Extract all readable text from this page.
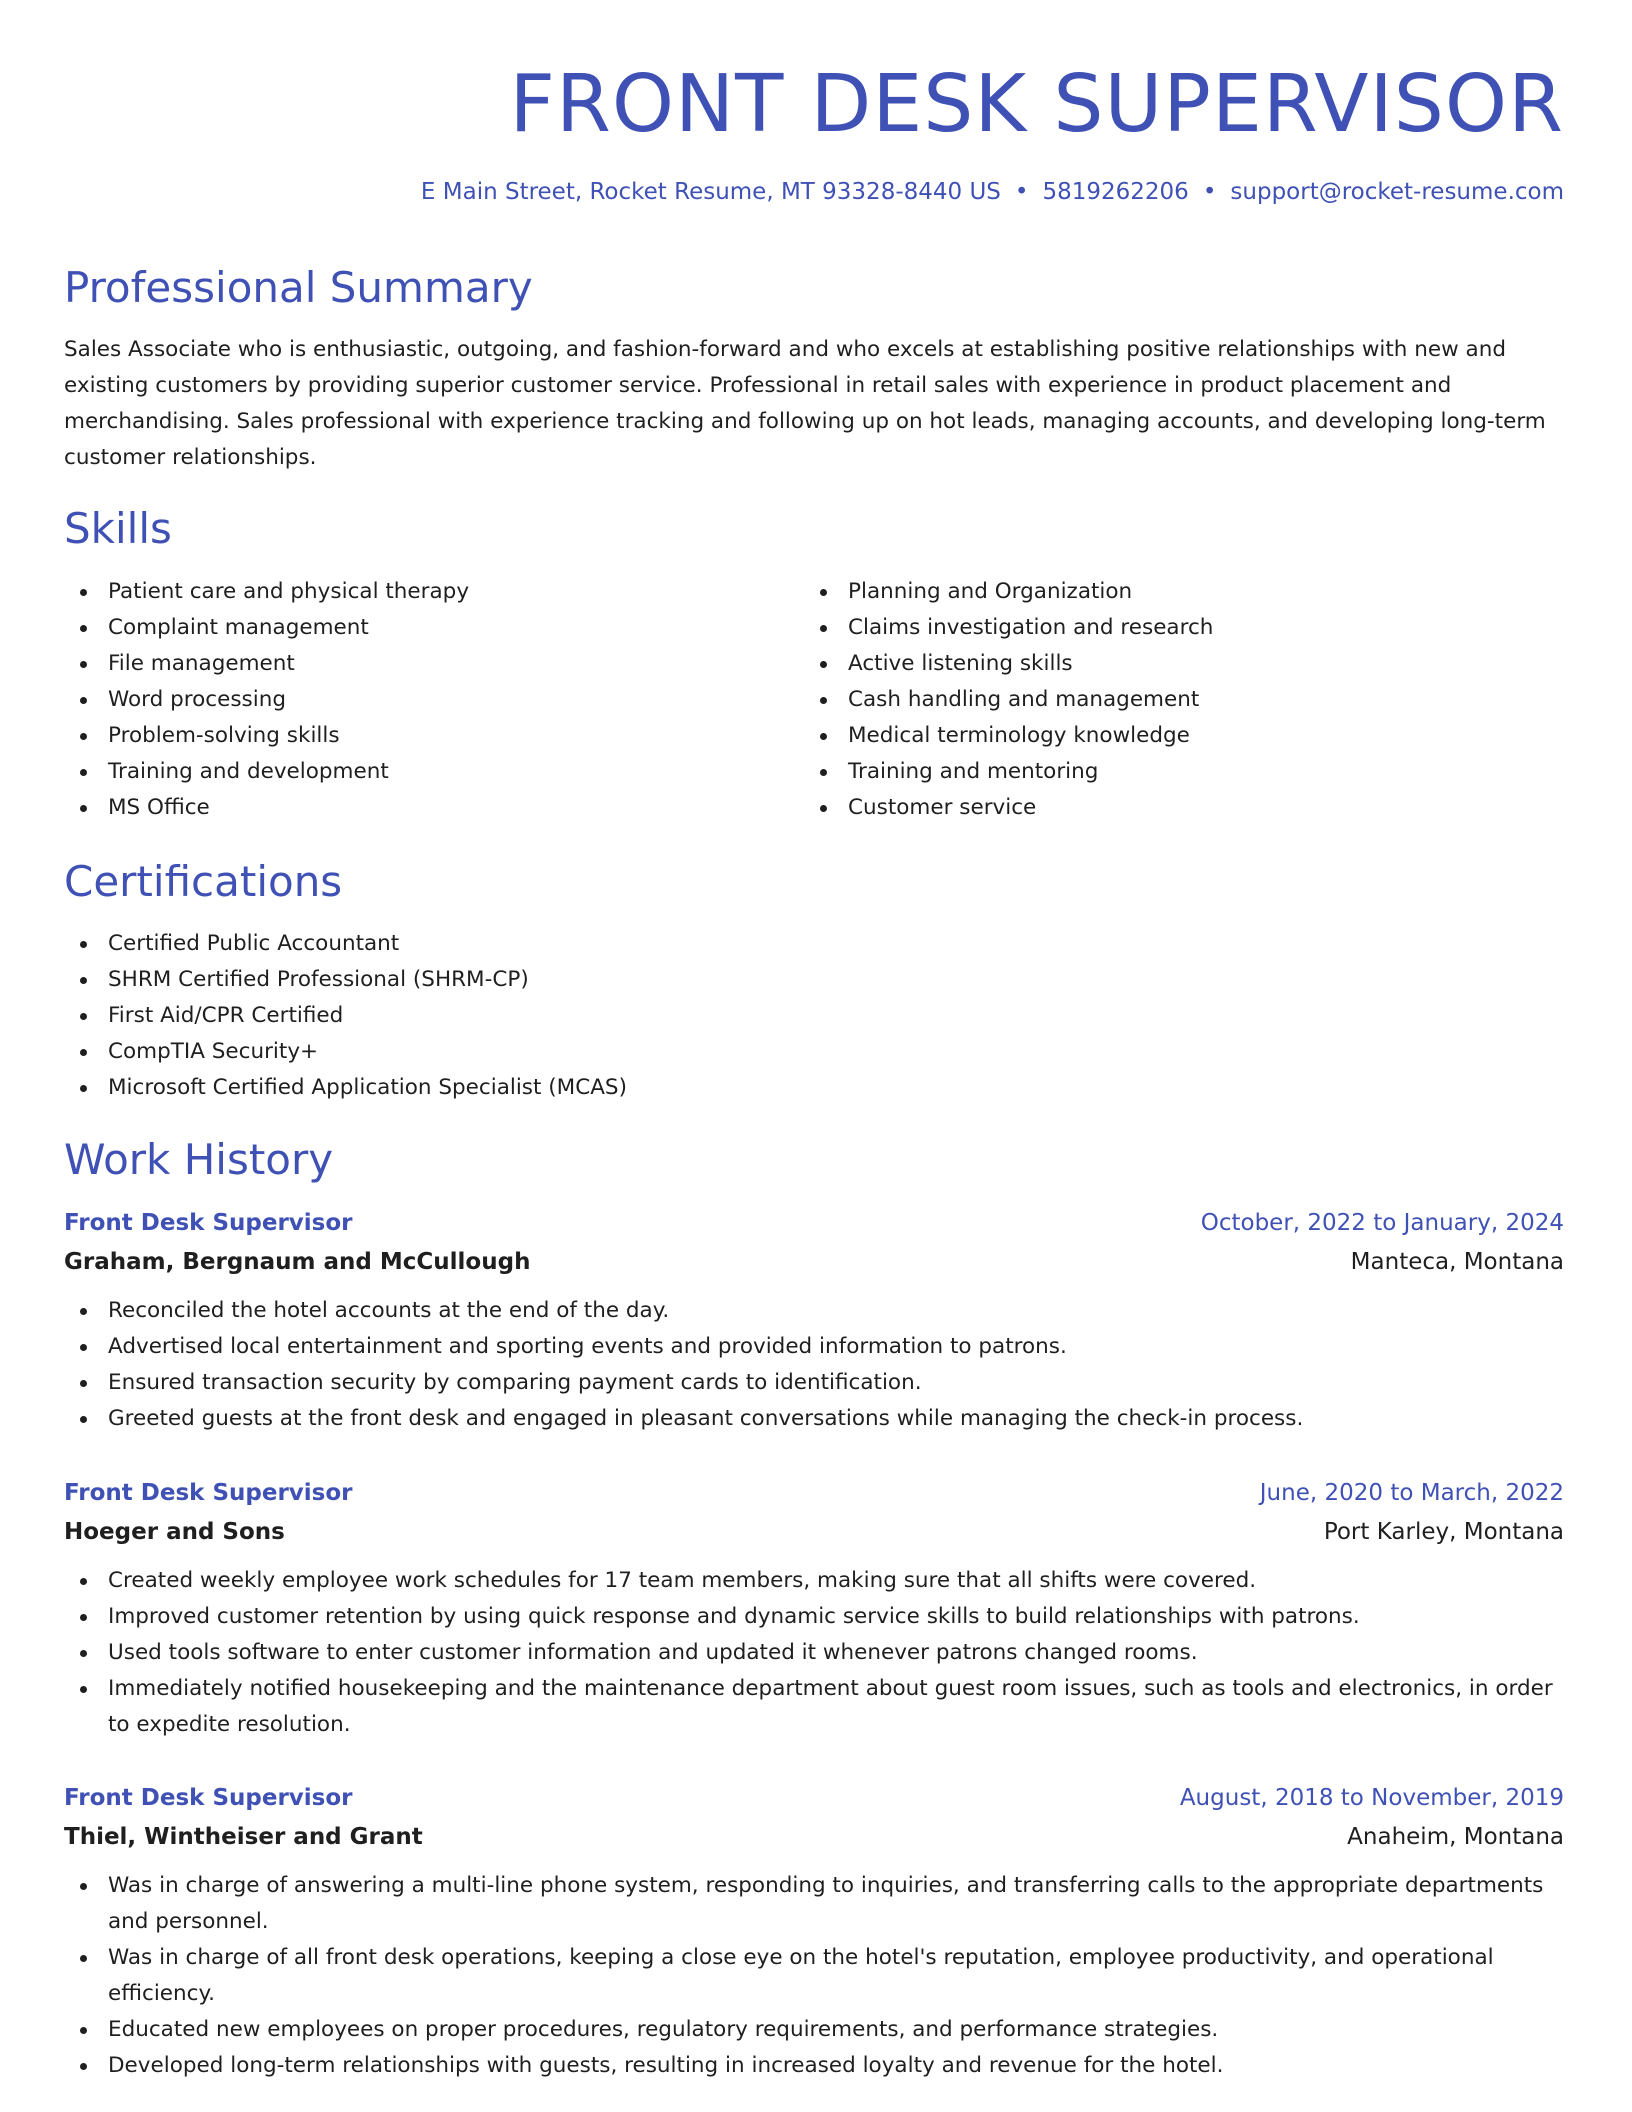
FRONT DESK SUPERVISOR
E Main Street, Rocket Resume, MT 93328-8440 US • 5819262206 • support@rocket-resume.com
Professional Summary

Sales Associate who is enthusiastic, outgoing, and fashion-forward and who excels at establishing positive relationships with new and existing customers by providing superior customer service. Professional in retail sales with experience in product placement and merchandising. Sales professional with experience tracking and following up on hot leads, managing accounts, and developing long-term customer relationships.

Skills
Patient care and physical therapy
Complaint management
File management
Word processing
Problem-solving skills
Training and development
MS Office
Planning and Organization
Claims investigation and research
Active listening skills
Cash handling and management
Medical terminology knowledge
Training and mentoring
Customer service
Certifications
Certified Public Accountant
SHRM Certified Professional (SHRM-CP)
First Aid/CPR Certified
CompTIA Security+
Microsoft Certified Application Specialist (MCAS)
Work History
Front Desk Supervisor	October, 2022 to January, 2024
Graham, Bergnaum and McCullough	Manteca, Montana
Reconciled the hotel accounts at the end of the day.
Advertised local entertainment and sporting events and provided information to patrons.
Ensured transaction security by comparing payment cards to identification.
Greeted guests at the front desk and engaged in pleasant conversations while managing the check-in process.
Front Desk Supervisor	June, 2020 to March, 2022
Hoeger and Sons	Port Karley, Montana
Created weekly employee work schedules for 17 team members, making sure that all shifts were covered.
Improved customer retention by using quick response and dynamic service skills to build relationships with patrons.
Used tools software to enter customer information and updated it whenever patrons changed rooms.
Immediately notified housekeeping and the maintenance department about guest room issues, such as tools and electronics, in order to expedite resolution.
Front Desk Supervisor	August, 2018 to November, 2019
Thiel, Wintheiser and Grant	Anaheim, Montana
Was in charge of answering a multi-line phone system, responding to inquiries, and transferring calls to the appropriate departments and personnel.
Was in charge of all front desk operations, keeping a close eye on the hotel's reputation, employee productivity, and operational efficiency.
Educated new employees on proper procedures, regulatory requirements, and performance strategies.
Developed long-term relationships with guests, resulting in increased loyalty and revenue for the hotel.
